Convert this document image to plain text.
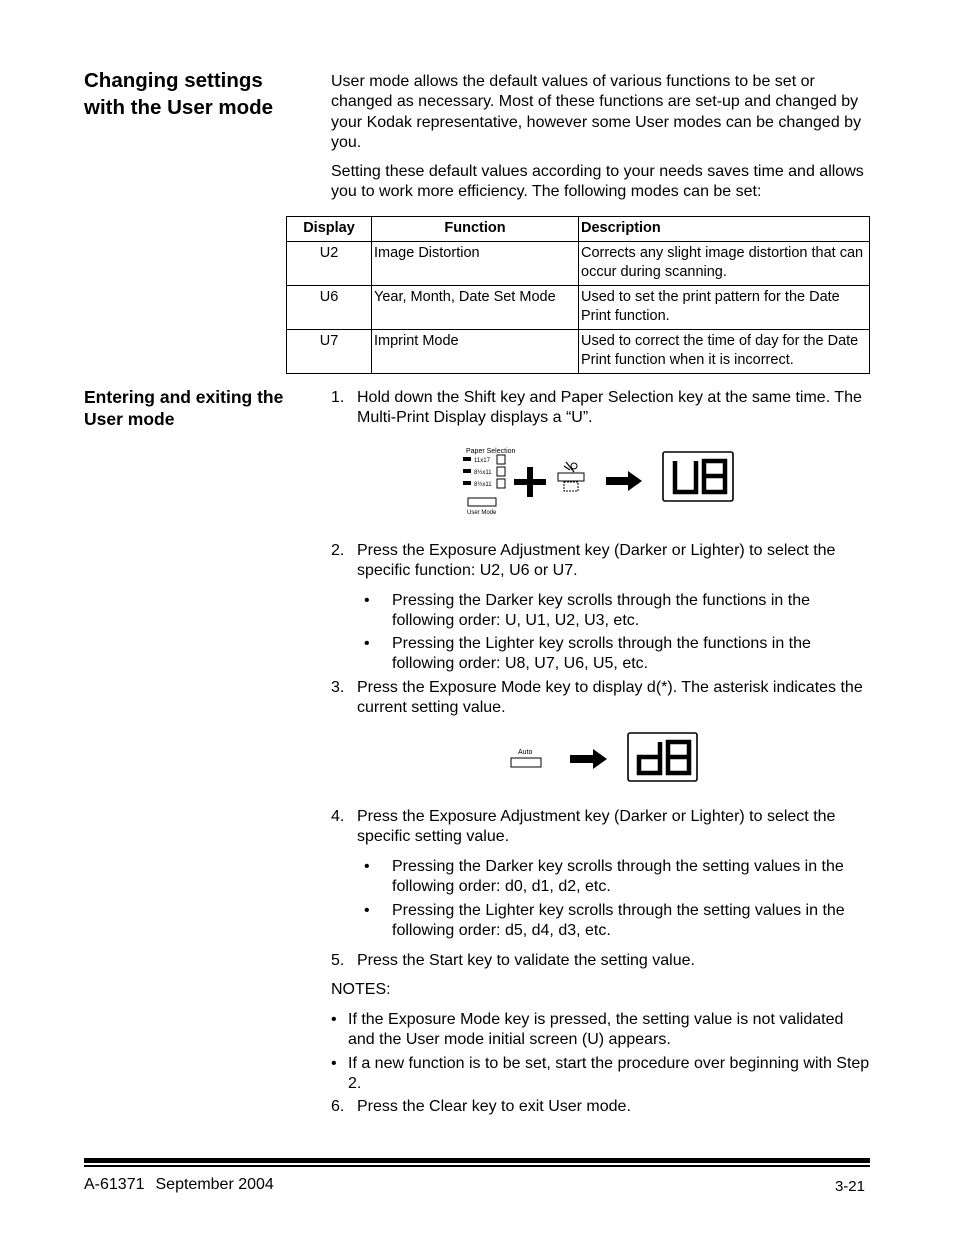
Changing settings with the User mode
User mode allows the default values of various functions to be set or changed as necessary. Most of these functions are set-up and changed by your Kodak representative, however some User modes can be changed by you.
Setting these default values according to your needs saves time and allows you to work more efficiency. The following modes can be set:
Display	Function	Description
U2	Image Distortion	Corrects any slight image distortion that can occur during scanning.
U6	Year, Month, Date Set Mode	Used to set the print pattern for the Date Print function.
U7	Imprint Mode	Used to correct the time of day for the Date Print function when it is incorrect.
Entering and exiting the User mode
1. Hold down the Shift key and Paper Selection key at the same time. The Multi-Print Display displays a “U”.
Paper Selection
11x17
8½x11
8½x11
User Mode
2. Press the Exposure Adjustment key (Darker or Lighter) to select the specific function: U2, U6 or U7.
• Pressing the Darker key scrolls through the functions in the following order: U, U1, U2, U3, etc.
• Pressing the Lighter key scrolls through the functions in the following order: U8, U7, U6, U5, etc.
3. Press the Exposure Mode key to display d(*). The asterisk indicates the current setting value.
Auto
4. Press the Exposure Adjustment key (Darker or Lighter) to select the specific setting value.
• Pressing the Darker key scrolls through the setting values in the following order: d0, d1, d2, etc.
• Pressing the Lighter key scrolls through the setting values in the following order: d5, d4, d3, etc.
5. Press the Start key to validate the setting value.
NOTES:
• If the Exposure Mode key is pressed, the setting value is not validated and the User mode initial screen (U) appears.
• If a new function is to be set, start the procedure over beginning with Step 2.
6. Press the Clear key to exit User mode.
A-61371 September 2004	3-21
